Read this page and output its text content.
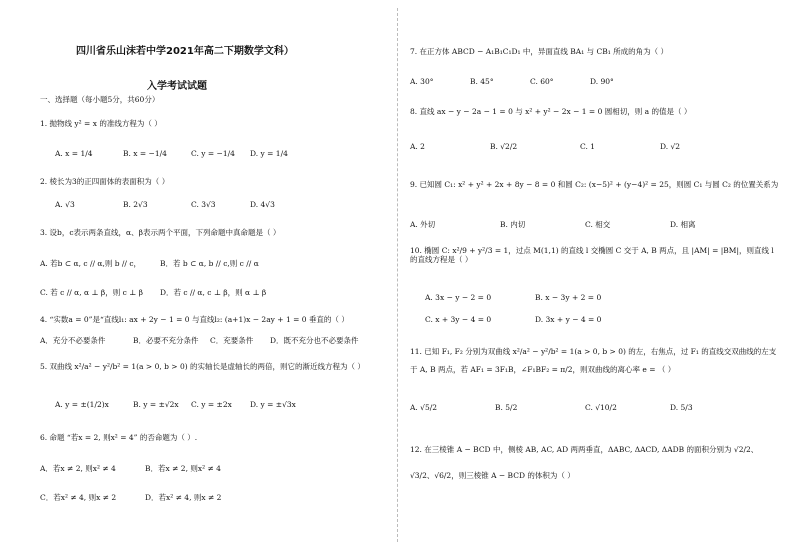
四川省乐山沫若中学2021年高二下期数学文科）
入学考试试题
一、选择题（每小题5分，共60分）
1. 抛物线 y² = x 的准线方程为（ ）
A. x = 1/4	B. x = −1/4	C. y = −1/4 D. y = 1/4
2. 棱长为3的正四面体的表面积为（ ）
A. √3	B. 2√3	C. 3√3	D. 4√3
3. 设b，c表示两条直线，α、β表示两个平面，下列命题中真命题是（ ）
A. 若b ⊂ α, c // α,则 b // c，	B．若 b ⊂ α, b // c,则 c // α
C. 若 c // α, α ⊥ β，则 c ⊥ β D．若 c // α, c ⊥ β，则 α ⊥ β
4. “实数a = 0”是“直线l₁: ax + 2y − 1 = 0 与直线l₂: (a+1)x − 2ay + 1 = 0 垂直的（ ）
A．充分不必要条件	B．必要不充分条件 C．充要条件 D．既不充分也不必要条件
5. 双曲线 x²/a² − y²/b² = 1(a > 0, b > 0) 的实轴长是虚轴长的两倍，则它的渐近线方程为（ ）
A. y = ±(1/2)x	B. y = ±√2x C. y = ±2x D. y = ±√3x
6. 命题 “若x = 2, 则x² = 4” 的否命题为（ ）.
A．若x ≠ 2, 则x² ≠ 4	B．若x ≠ 2, 则x² ≠ 4
C．若x² ≠ 4, 则x ≠ 2	D．若x² ≠ 4, 则x ≠ 2
7. 在正方体 ABCD − A₁B₁C₁D₁ 中，异面直线 BA₁ 与 CB₁ 所成的角为（ ）
A. 30°	B. 45°	C. 60°	D. 90°
8. 直线 ax − y − 2a − 1 = 0 与 x² + y² − 2x − 1 = 0 圆相切，则 a 的值是（ ）
A. 2	B. √2/2	C. 1	D. √2
9. 已知圆 C₁: x² + y² + 2x + 8y − 8 = 0 和圆 C₂: (x−5)² + (y−4)² = 25，则圆 C₁ 与圆 C₂ 的位置关系为
A. 外切	B. 内切	C. 相交	D. 相离
10. 椭圆 C: x²/9 + y²/3 = 1，过点 M(1,1) 的直线 l 交椭圆 C 交于 A, B 两点，且 |AM| = |BM|，则直线 l 的直线方程是（ ）
A. 3x − y − 2 = 0	B. x − 3y + 2 = 0
C. x + 3y − 4 = 0	D. 3x + y − 4 = 0
11. 已知 F₁, F₂ 分别为双曲线 x²/a² − y²/b² = 1(a > 0, b > 0) 的左，右焦点，过 F₁ 的直线交双曲线的左支于 A, B 两点，若 AF₁ = 3F₁B，∠F₁BF₂ = π/2，则双曲线的离心率 e = （ ）
A. √5/2	B. 5/2	C. √10/2	D. 5/3
12. 在三棱锥 A − BCD 中，侧棱 AB, AC, AD 两两垂直，ΔABC, ΔACD, ΔADB 的面积分别为 √2/2、√3/2、√6/2，则三棱锥 A − BCD 的体积为（ ）
